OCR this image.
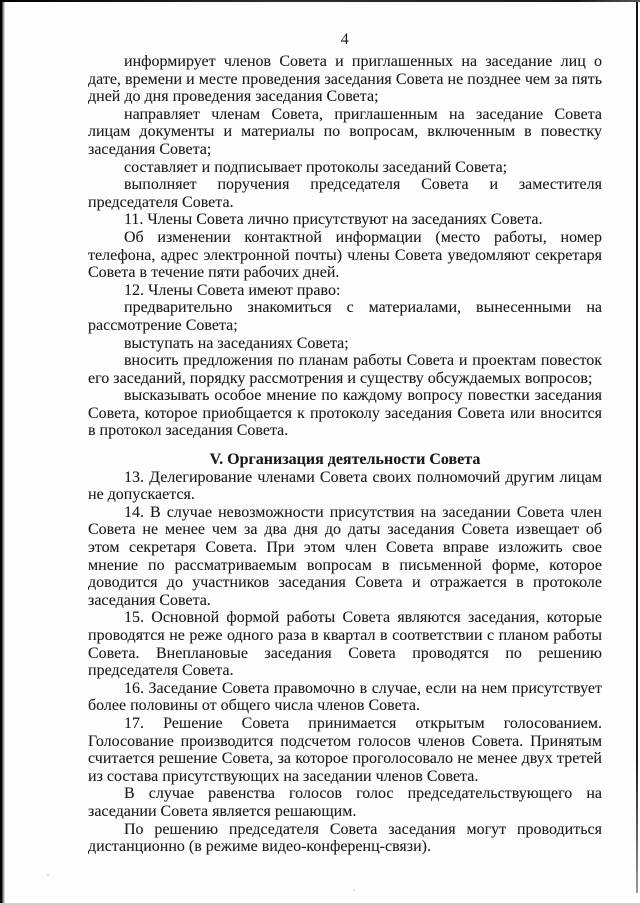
4

информирует членов Совета и приглашенных на заседание лиц о дате, времени и месте проведения заседания Совета не позднее чем за пять дней до дня проведения заседания Совета;

направляет членам Совета, приглашенным на заседание Совета лицам документы и материалы по вопросам, включенным в повестку заседания Совета;

составляет и подписывает протоколы заседаний Совета;

выполняет поручения председателя Совета и заместителя председателя Совета.

11. Члены Совета лично присутствуют на заседаниях Совета.

Об изменении контактной информации (место работы, номер телефона, адрес электронной почты) члены Совета уведомляют секретаря Совета в течение пяти рабочих дней.

12. Члены Совета имеют право:

предварительно знакомиться с материалами, вынесенными на рассмотрение Совета;

выступать на заседаниях Совета;

вносить предложения по планам работы Совета и проектам повесток его заседаний, порядку рассмотрения и существу обсуждаемых вопросов;

высказывать особое мнение по каждому вопросу повестки заседания Совета, которое приобщается к протоколу заседания Совета или вносится в протокол заседания Совета.

V. Организация деятельности Совета

13. Делегирование членами Совета своих полномочий другим лицам не допускается.

14. В случае невозможности присутствия на заседании Совета член Совета не менее чем за два дня до даты заседания Совета извещает об этом секретаря Совета. При этом член Совета вправе изложить свое мнение по рассматриваемым вопросам в письменной форме, которое доводится до участников заседания Совета и отражается в протоколе заседания Совета.

15. Основной формой работы Совета являются заседания, которые проводятся не реже одного раза в квартал в соответствии с планом работы Совета. Внеплановые заседания Совета проводятся по решению председателя Совета.

16. Заседание Совета правомочно в случае, если на нем присутствует более половины от общего числа членов Совета.

17. Решение Совета принимается открытым голосованием. Голосование производится подсчетом голосов членов Совета. Принятым считается решение Совета, за которое проголосовало не менее двух третей из состава присутствующих на заседании членов Совета.

В случае равенства голосов голос председательствующего на заседании Совета является решающим.

По решению председателя Совета заседания могут проводиться дистанционно (в режиме видео-конференц-связи).
